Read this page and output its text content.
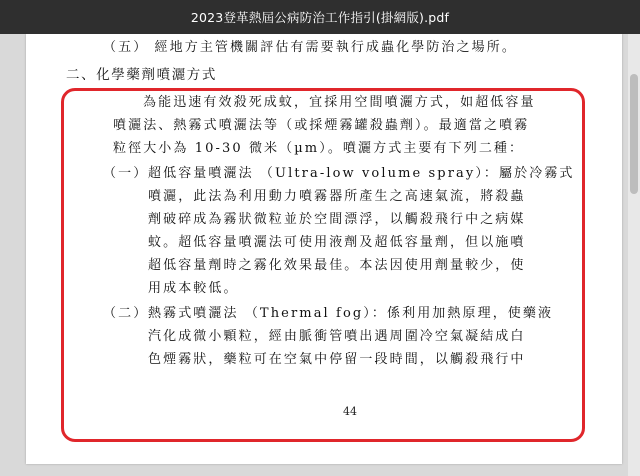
2023登革熱屆公病防治工作指引(掛網版).pdf
（五） 經地方主管機關評估有需要執行成蟲化學防治之場所。
二、化學藥劑噴灑方式
為能迅速有效殺死成蚊，宜採用空間噴灑方式，如超低容量
噴灑法、熱霧式噴灑法等（或採煙霧罐殺蟲劑）。最適當之噴霧
粒徑大小為 10-30 微米（µm）。噴灑方式主要有下列二種：
（一） 超低容量噴灑法 （Ultra-low volume spray）：屬於冷霧式
噴灑，此法為利用動力噴霧器所產生之高速氣流，將殺蟲
劑破碎成為霧狀微粒並於空間漂浮，以觸殺飛行中之病媒
蚊。超低容量噴灑法可使用液劑及超低容量劑，但以施噴
超低容量劑時之霧化效果最佳。本法因使用劑量較少，使
用成本較低。
（二） 熱霧式噴灑法 （Thermal fog）：係利用加熱原理，使藥液
汽化成微小顆粒，經由脈衝管噴出遇周圍冷空氣凝結成白
色煙霧狀，藥粒可在空氣中停留一段時間，以觸殺飛行中
44
